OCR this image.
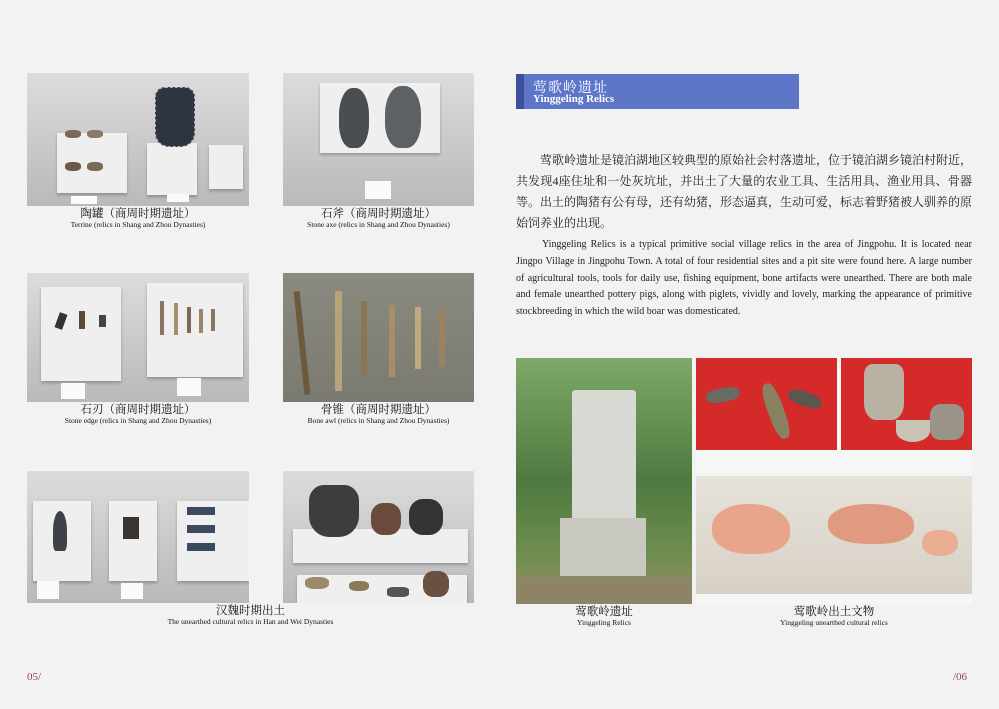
陶罐（商周时期遗址）
Terrine (relics in Shang and Zhou Dynasties)
石斧（商周时期遗址）
Stone axe (relics in Shang and Zhou Dynasties)
石刃（商周时期遗址）
Stone edge (relics in Shang and Zhou Dynasties)
骨锥（商周时期遗址）
Bone awl (relics in Shang and Zhou Dynasties)
汉魏时期出土
The unearthed cultural relics in Han and Wei Dynasties
05/
莺歌岭遗址
Yinggeling Relics

莺歌岭遗址是镜泊湖地区较典型的原始社会村落遗址，位于镜泊湖乡镜泊村附近，共发现4座住址和一处灰坑址，并出土了大量的农业工具、生活用具、渔业用具、骨器等。出土的陶猪有公有母，还有幼猪，形态逼真，生动可爱，标志着野猪被人驯养的原始饲养业的出现。

Yinggeling Relics is a typical primitive social village relics in the area of Jingpohu. It is located near Jingpo Village in Jingpohu Town. A total of four residential sites and a pit site were found here. A large number of agricultural tools, tools for daily use, fishing equipment, bone artifacts were unearthed. There are both male and female unearthed pottery pigs, along with piglets, vividly and lovely, marking the appearance of primitive stockbreeding in which the wild boar was domesticated.

莺歌岭遗址
Yinggeling Relics
莺歌岭出土文物
Yinggeling unearthed cultural relics
/06
